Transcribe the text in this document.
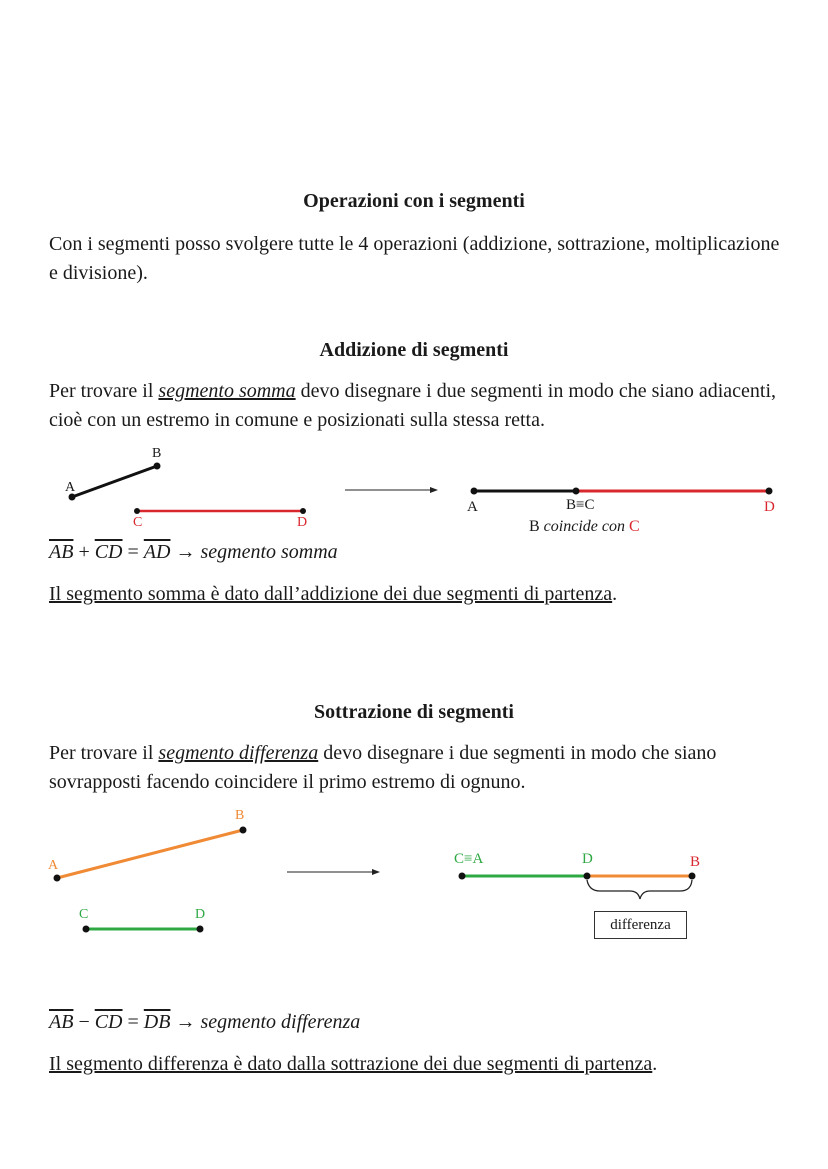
Operazioni con i segmenti
Con i segmenti posso svolgere tutte le 4 operazioni (addizione, sottrazione, moltiplicazione e divisione).
Addizione di segmenti
Per trovare il segmento somma devo disegnare i due segmenti in modo che siano adiacenti, cioè con un estremo in comune e posizionati sulla stessa retta.
B
A
C	D
A	B≡C	D
B coincide con C
$\overline{AB} + \overline{CD} = \overline{AD}$ → segmento somma
Il segmento somma è dato dall’addizione dei due segmenti di partenza.
Sottrazione di segmenti
Per trovare il segmento differenza devo disegnare i due segmenti in modo che siano sovrapposti facendo coincidere il primo estremo di ognuno.
B
A
C	D
C≡A	D	B
differenza
$\overline{AB} - \overline{CD} = \overline{DB}$ → segmento differenza
Il segmento differenza è dato dalla sottrazione dei due segmenti di partenza.
